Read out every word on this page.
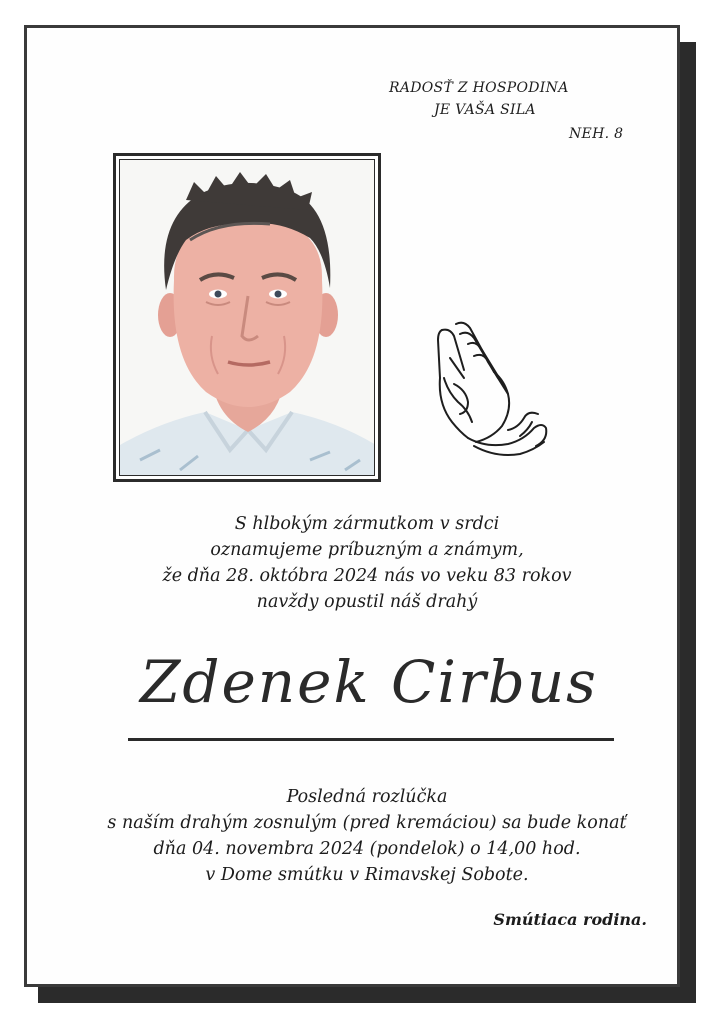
RADOSŤ Z HOSPODINA
JE VAŠA SILA
NEH. 8
S hlbokým zármutkom v srdci
oznamujeme príbuzným a známym,
že dňa 28. októbra 2024 nás vo veku 83 rokov
navždy opustil náš drahý
Zdenek Cirbus
Posledná rozlúčka
s naším drahým zosnulým (pred kremáciou) sa bude konať
dňa 04. novembra 2024 (pondelok) o 14,00 hod.
v Dome smútku v Rimavskej Sobote.
Smútiaca rodina.
